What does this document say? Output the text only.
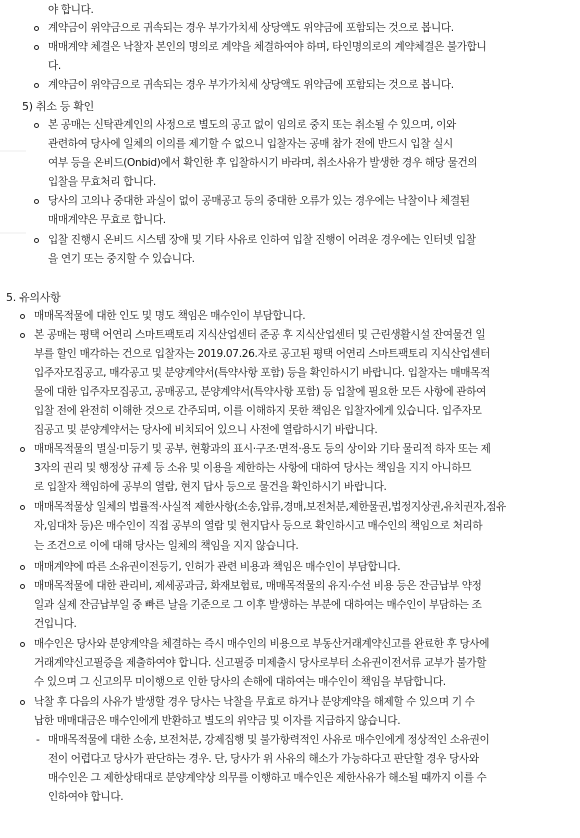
야 합니다.
계약금이 위약금으로 귀속되는 경우 부가가치세 상당액도 위약금에 포함되는 것으로 봅니다.
매매계약 체결은 낙찰자 본인의 명의로 계약을 체결하여야 하며, 타인명의로의 계약체결은 불가합니
다.
계약금이 위약금으로 귀속되는 경우 부가가치세 상당액도 위약금에 포함되는 것으로 봅니다.
5) 취소 등 확인
본 공매는 신탁관계인의 사정으로 별도의 공고 없이 임의로 중지 또는 취소될 수 있으며, 이와
관련하여 당사에 일체의 이의를 제기할 수 없으니 입찰자는 공매 참가 전에 반드시 입찰 실시
여부 등을 온비드(Onbid)에서 확인한 후 입찰하시기 바라며, 취소사유가 발생한 경우 해당 물건의
입찰을 무효처리 합니다.
당사의 고의나 중대한 과실이 없이 공매공고 등의 중대한 오류가 있는 경우에는 낙찰이나 체결된
매매계약은 무효로 합니다.
입찰 진행시 온비드 시스템 장애 및 기타 사유로 인하여 입찰 진행이 어려운 경우에는 인터넷 입찰
을 연기 또는 중지할 수 있습니다.
5. 유의사항
매매목적물에 대한 인도 및 명도 책임은 매수인이 부담합니다.
본 공매는 평택 어연리 스마트팩토리 지식산업센터 준공 후 지식산업센터 및 근린생활시설 잔여물건 일
부를 할인 매각하는 건으로 입찰자는 2019.07.26.자로 공고된 평택 어연리 스마트팩토리 지식산업센터
입주자모집공고, 매각공고 및 분양계약서(특약사항 포함) 등을 확인하시기 바랍니다. 입찰자는 매매목적
물에 대한 입주자모집공고, 공매공고, 분양계약서(특약사항 포함) 등 입찰에 필요한 모든 사항에 관하여
입찰 전에 완전히 이해한 것으로 간주되며, 이를 이해하지 못한 책임은 입찰자에게 있습니다. 입주자모
집공고 및 분양계약서는 당사에 비치되어 있으니 사전에 열람하시기 바랍니다.
매매목적물의 멸실·미등기 및 공부, 현황과의 표시·구조·면적·용도 등의 상이와 기타 물리적 하자 또는 제
3자의 권리 및 행정상 규제 등 소유 및 이용을 제한하는 사항에 대하여 당사는 책임을 지지 아니하므
로 입찰자 책임하에 공부의 열람, 현지 답사 등으로 물건을 확인하시기 바랍니다.
매매목적물상 일체의 법률적·사실적 제한사항(소송,압류,경매,보전처분,제한물권,법정지상권,유치권자,점유
자,임대차 등)은 매수인이 직접 공부의 열람 및 현지답사 등으로 확인하시고 매수인의 책임으로 처리하
는 조건으로 이에 대해 당사는 일체의 책임을 지지 않습니다.
매매계약에 따른 소유권이전등기, 인허가 관련 비용과 책임은 매수인이 부담합니다.
매매목적물에 대한 관리비, 제세공과금, 화재보험료, 매매목적물의 유지·수선 비용 등은 잔금납부 약정
일과 실제 잔금납부일 중 빠른 날을 기준으로 그 이후 발생하는 부분에 대하여는 매수인이 부담하는 조
건입니다.
매수인은 당사와 분양계약을 체결하는 즉시 매수인의 비용으로 부동산거래계약신고를 완료한 후 당사에
거래계약신고필증을 제출하여야 합니다. 신고필증 미제출시 당사로부터 소유권이전서류 교부가 불가할
수 있으며 그 신고의무 미이행으로 인한 당사의 손해에 대하여는 매수인이 책임을 부담합니다.
낙찰 후 다음의 사유가 발생할 경우 당사는 낙찰을 무효로 하거나 분양계약을 해제할 수 있으며 기 수
납한 매매대금은 매수인에게 반환하고 별도의 위약금 및 이자를 지급하지 않습니다.
- 매매목적물에 대한 소송, 보전처분, 강제집행 및 불가항력적인 사유로 매수인에게 정상적인 소유권이
전이 어렵다고 당사가 판단하는 경우. 단, 당사가 위 사유의 해소가 가능하다고 판단할 경우 당사와
매수인은 그 제한상태대로 분양계약상 의무를 이행하고 매수인은 제한사유가 해소될 때까지 이를 수
인하여야 합니다.
